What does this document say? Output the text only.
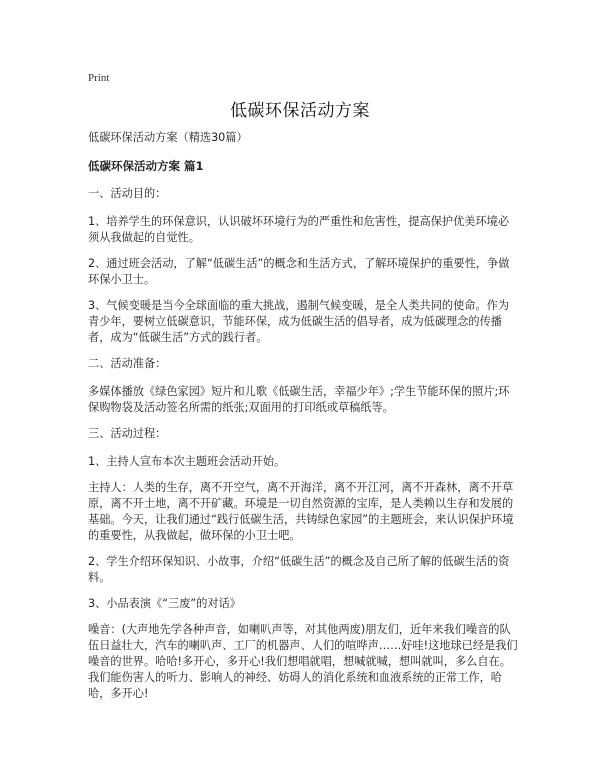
Print
低碳环保活动方案

低碳环保活动方案（精选30篇）

低碳环保活动方案 篇1

一、活动目的：

1、培养学生的环保意识，认识破坏环境行为的严重性和危害性，提高保护优美环境必须从我做起的自觉性。

2、通过班会活动，了解“低碳生活”的概念和生活方式，了解环境保护的重要性，争做环保小卫士。

3、气候变暖是当今全球面临的重大挑战，遏制气候变暖，是全人类共同的使命。作为青少年，要树立低碳意识，节能环保，成为低碳生活的倡导者，成为低碳理念的传播者，成为“低碳生活”方式的践行者。

二、活动准备：

多媒体播放《绿色家园》短片和儿歌《低碳生活，幸福少年》;学生节能环保的照片;环保购物袋及活动签名所需的纸张;双面用的打印纸或草稿纸等。

三、活动过程：

1、主持人宣布本次主题班会活动开始。

主持人：人类的生存，离不开空气，离不开海洋，离不开江河，离不开森林，离不开草原，离不开土地，离不开矿藏。环境是一切自然资源的宝库，是人类赖以生存和发展的基础。今天，让我们通过“践行低碳生活，共铸绿色家园”的主题班会，来认识保护环境的重要性，从我做起，做环保的小卫士吧。

2、学生介绍环保知识、小故事，介绍“低碳生活”的概念及自己所了解的低碳生活的资料。

3、小品表演《“三废”的对话》

噪音：(大声地先学各种声音，如喇叭声等，对其他两废)朋友们，近年来我们噪音的队伍日益壮大，汽车的喇叭声、工厂的机器声、人们的喧哗声……好哇!这地球已经是我们噪音的世界。哈哈!多开心，多开心!我们想唱就唱，想喊就喊，想叫就叫，多么自在。我们能伤害人的听力、影响人的神经、妨碍人的消化系统和血液系统的正常工作，哈哈，多开心!
